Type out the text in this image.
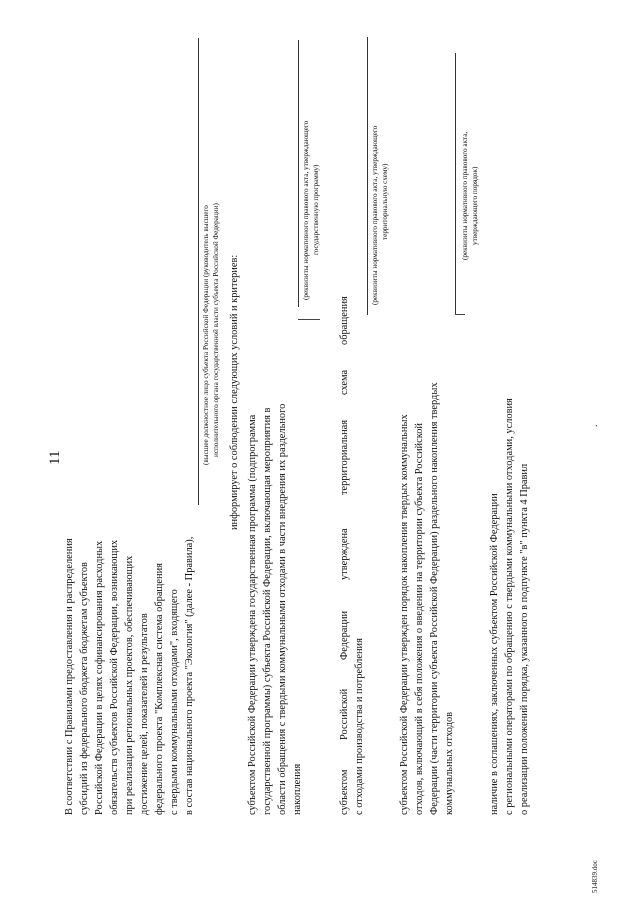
11
В соответствии с Правилами предоставления и распределения субсидий из федерального бюджета бюджетам субъектов Российской Федерации в целях софинансирования расходных обязательств субъектов Российской Федерации, возникающих при реализации региональных проектов, обеспечивающих достижение целей, показателей и результатов федерального проекта "Комплексная система обращения с твердыми коммунальными отходами", входящего в состав национального проекта "Экология" (далее - Правила),
(высшее должностное лицо субъекта Российской Федерации (руководитель высшего исполнительного органа государственной власти субъекта Российской Федерации) информирует о соблюдении следующих условий и критериев:
субъектом Российской Федерации утверждена государственная программа (подпрограмма государственной программы) субъекта Российской Федерации, включающая мероприятия в области обращения с твердыми коммунальными отходами в части внедрения их раздельного накопления
(реквизиты нормативного правового акта, утверждающего государственную программу)
субъектом
Российской
Федерации
утверждена
территориальная
схема
обращения
с отходами производства и потребления
(реквизиты нормативного правового акта, утверждающего территориальную схему)
субъектом Российской Федерации утвержден порядок накопления твердых коммунальных отходов, включающий в себя положения о введении на территории субъекта Российской Федерации (части территории субъекта Российской Федерации) раздельного накопления твердых коммунальных отходов
(реквизиты нормативного правового акта, утверждающего порядок)
наличие в соглашениях, заключенных субъектом Российской Федерации с региональными операторами по обращению с твердыми коммунальными отходами, условия о реализации положений порядка, указанного в подпункте "в" пункта 4 Правил
.
514839.doc
